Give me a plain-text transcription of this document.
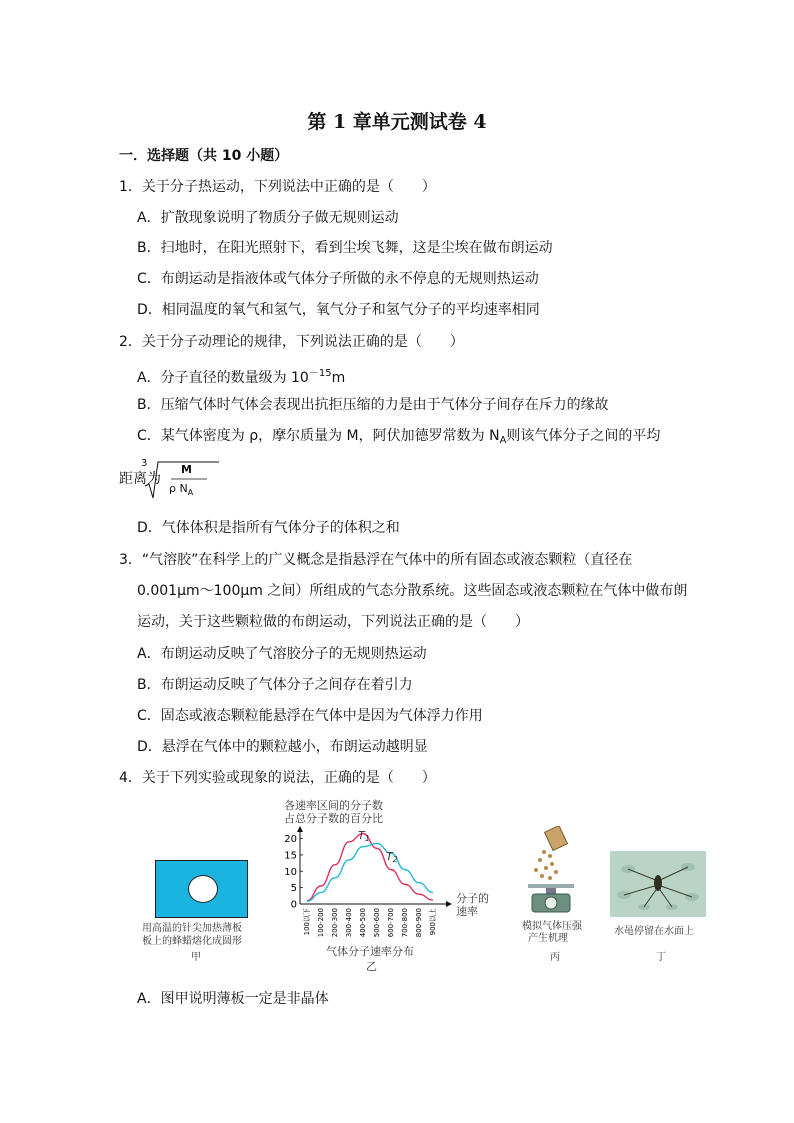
第 1 章单元测试卷 4
一．选择题（共 10 小题）
1．关于分子热运动，下列说法中正确的是（　　）
A．扩散现象说明了物质分子做无规则运动
B．扫地时，在阳光照射下，看到尘埃飞舞，这是尘埃在做布朗运动
C．布朗运动是指液体或气体分子所做的永不停息的无规则热运动
D．相同温度的氧气和氢气，氧气分子和氢气分子的平均速率相同
2．关于分子动理论的规律，下列说法正确的是（　　）
A．分子直径的数量级为 $10^{-15}m$
B．压缩气体时气体会表现出抗拒压缩的力是由于气体分子间存在斥力的缘故
C．某气体密度为 ρ，摩尔质量为 M，阿伏加德罗常数为 $N_A$则该气体分子之间的平均
距离为
3	M
ρ $N_A$
D．气体体积是指所有气体分子的体积之和
3．“气溶胶”在科学上的广义概念是指悬浮在气体中的所有固态或液态颗粒（直径在
0.001μm～100μm 之间）所组成的气态分散系统。这些固态或液态颗粒在气体中做布朗
运动，关于这些颗粒做的布朗运动，下列说法正确的是（　　）
A．布朗运动反映了气溶胶分子的无规则热运动
B．布朗运动反映了气体分子之间存在着引力
C．固态或液态颗粒能悬浮在气体中是因为气体浮力作用
D．悬浮在气体中的颗粒越小，布朗运动越明显
4．关于下列实验或现象的说法，正确的是（　　）
用高温的针尖加热薄板
板上的蜂蜡熔化成圆形
甲
各速率区间的分子数
占总分子数的百分比
0
5
10
15
20
100以下 100-200 200-300 300-400 400-500 500-600 600-700 700-800 800-900 900以上
T1
T2
分子的
速率
气体分子速率分布
乙
模拟气体压强
产生机理
丙
水黾停留在水面上
丁
A．图甲说明薄板一定是非晶体
